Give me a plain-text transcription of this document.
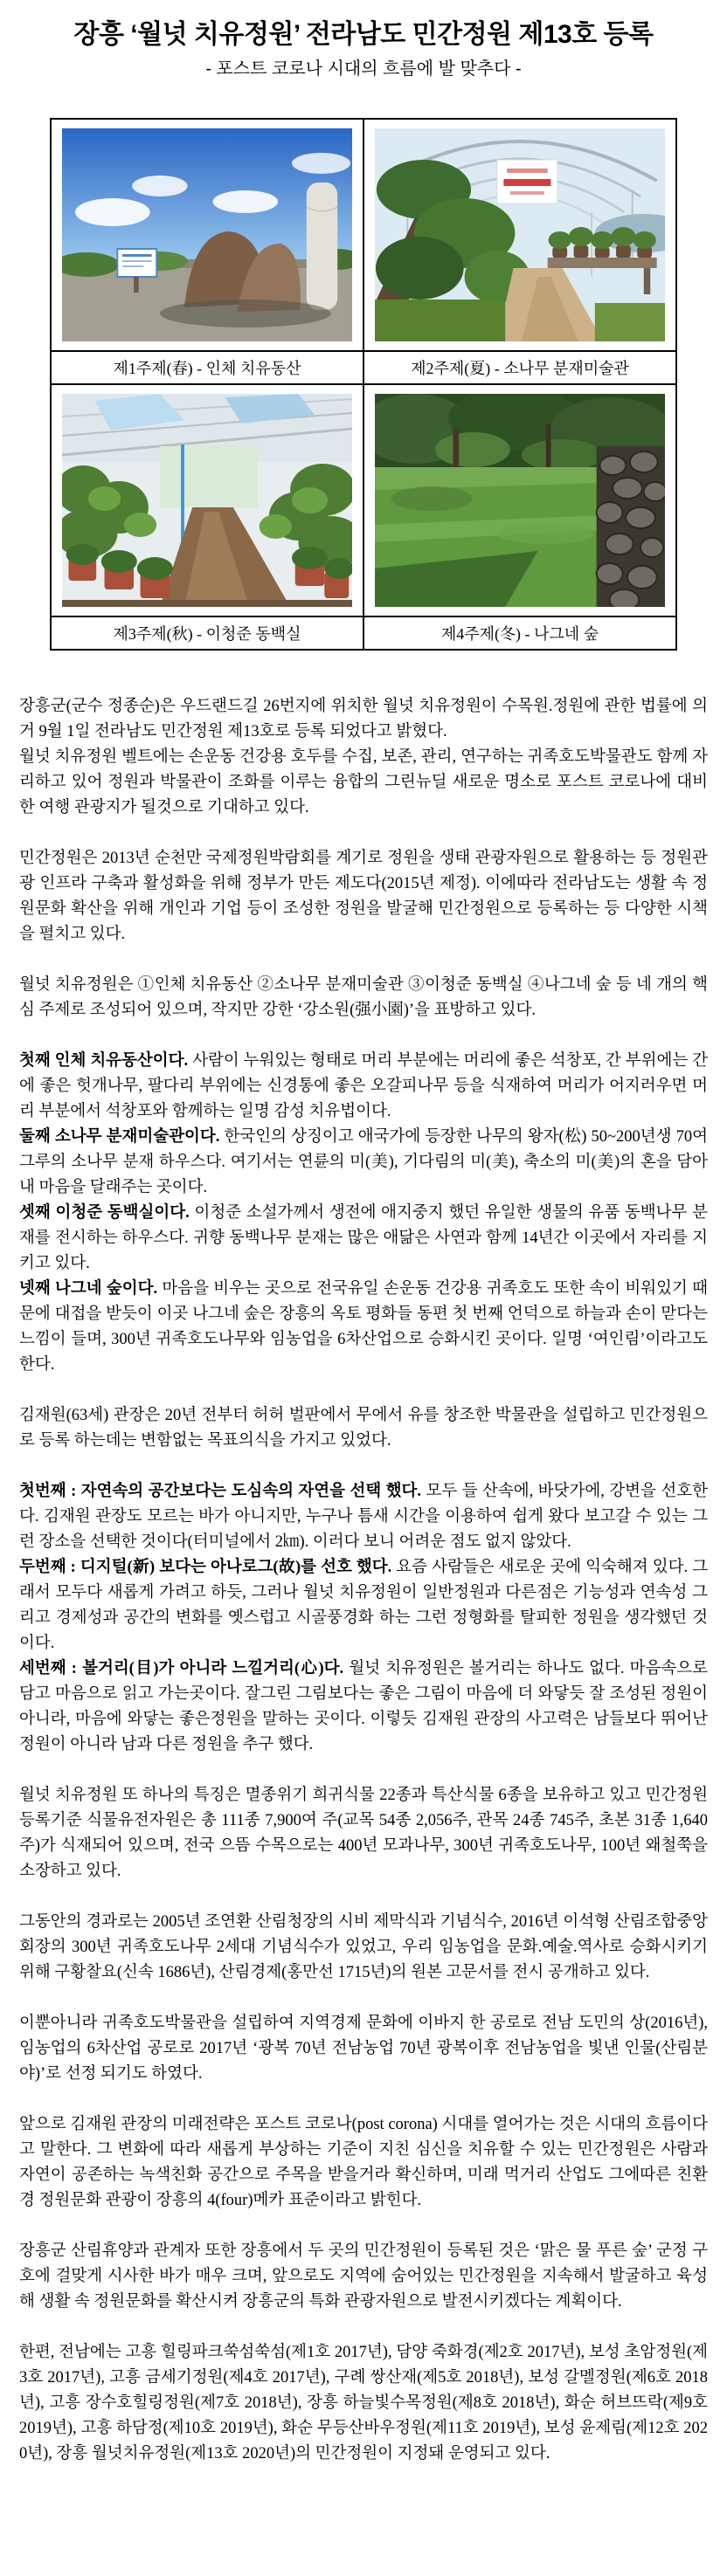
장흥 ‘월넛 치유정원’ 전라남도 민간정원 제13호 등록
- 포스트 코로나 시대의 흐름에 발 맞추다 -

제1주제(春) - 인체 치유동산	제2주제(夏) - 소나무 분재미술관

제3주제(秋) - 이청준 동백실	제4주제(冬) - 나그네 숲

장흥군(군수 정종순)은 우드랜드길 26번지에 위치한 월넛 치유정원이 수목원.정원에 관한 법률에 의거 9월 1일 전라남도 민간정원 제13호로 등록 되었다고 밝혔다.

월넛 치유정원 벨트에는 손운동 건강용 호두를 수집, 보존, 관리, 연구하는 귀족호도박물관도 함께 자리하고 있어 정원과 박물관이 조화를 이루는 융합의 그린뉴딜 새로운 명소로 포스트 코로나에 대비한 여행 관광지가 될것으로 기대하고 있다.

민간정원은 2013년 순천만 국제정원박람회를 계기로 정원을 생태 관광자원으로 활용하는 등 정원관광 인프라 구축과 활성화을 위해 정부가 만든 제도다(2015년 제정). 이에따라 전라남도는 생활 속 정원문화 확산을 위해 개인과 기업 등이 조성한 정원을 발굴해 민간정원으로 등록하는 등 다양한 시책을 펼치고 있다.

월넛 치유정원은 ①인체 치유동산 ②소나무 분재미술관 ③이청준 동백실 ④나그네 숲 등 네 개의 핵심 주제로 조성되어 있으며, 작지만 강한 ‘강소원(强小園)’을 표방하고 있다.

첫째 인체 치유동산이다. 사람이 누워있는 형태로 머리 부분에는 머리에 좋은 석창포, 간 부위에는 간에 좋은 헛개나무, 팔다리 부위에는 신경통에 좋은 오갈피나무 등을 식재하여 머리가 어지러우면 머리 부분에서 석창포와 함께하는 일명 감성 치유법이다.

둘째 소나무 분재미술관이다. 한국인의 상징이고 애국가에 등장한 나무의 왕자(松) 50~200년생 70여 그루의 소나무 분재 하우스다. 여기서는 연륜의 미(美), 기다림의 미(美), 축소의 미(美)의 혼을 담아 내 마음을 달래주는 곳이다.

셋째 이청준 동백실이다. 이청준 소설가께서 생전에 애지중지 했던 유일한 생물의 유품 동백나무 분재를 전시하는 하우스다. 귀향 동백나무 분재는 많은 애닮은 사연과 함께 14년간 이곳에서 자리를 지키고 있다.

넷째 나그네 숲이다. 마음을 비우는 곳으로 전국유일 손운동 건강용 귀족호도 또한 속이 비워있기 때문에 대접을 받듯이 이곳 나그네 숲은 장흥의 옥토 평화들 동편 첫 번째 언덕으로 하늘과 손이 맏다는 느낌이 들며, 300년 귀족호도나무와 임농업을 6차산업으로 승화시킨 곳이다. 일명 ‘여인림’이라고도 한다.

김재원(63세) 관장은 20년 전부터 허허 벌판에서 무에서 유를 창조한 박물관을 설립하고 민간정원으로 등록 하는데는 변함없는 목표의식을 가지고 있었다.

첫번째 : 자연속의 공간보다는 도심속의 자연을 선택 했다. 모두 들 산속에, 바닷가에, 강변을 선호한다. 김재원 관장도 모르는 바가 아니지만, 누구나 틈새 시간을 이용하여 쉽게 왔다 보고갈 수 있는 그런 장소을 선택한 것이다(터미널에서 2㎞). 이러다 보니 어려운 점도 없지 않았다.

두번째 : 디지털(新) 보다는 아나로그(故)를 선호 했다. 요즘 사람들은 새로운 곳에 익숙해져 있다. 그래서 모두다 새롭게 가려고 하듯, 그러나 월넛 치유정원이 일반정원과 다른점은 기능성과 연속성 그리고 경제성과 공간의 변화를 옛스럽고 시골풍경화 하는 그런 정형화를 탈피한 정원을 생각했던 것이다.

세번째 : 볼거리(目)가 아니라 느낄거리(心)다. 월넛 치유정원은 볼거리는 하나도 없다. 마음속으로 담고 마음으로 읽고 가는곳이다. 잘그린 그림보다는 좋은 그림이 마음에 더 와닿듯 잘 조성된 정원이 아니라, 마음에 와닿는 좋은정원을 말하는 곳이다. 이렇듯 김재원 관장의 사고력은 남들보다 뛰어난 정원이 아니라 남과 다른 정원을 추구 했다.

월넛 치유정원 또 하나의 특징은 멸종위기 희귀식물 22종과 특산식물 6종을 보유하고 있고 민간정원 등록기준 식물유전자원은 총 111종 7,900여 주(교목 54종 2,056주, 관목 24종 745주, 초본 31종 1,640주)가 식재되어 있으며, 전국 으뜸 수목으로는 400년 모과나무, 300년 귀족호도나무, 100년 왜철쭉을 소장하고 있다.

그동안의 경과로는 2005년 조연환 산림청장의 시비 제막식과 기념식수, 2016년 이석형 산림조합중앙회장의 300년 귀족호도나무 2세대 기념식수가 있었고, 우리 임농업을 문화.예술.역사로 승화시키기 위해 구황찰요(신속 1686년), 산림경제(홍만선 1715년)의 원본 고문서를 전시 공개하고 있다.

이뿐아니라 귀족호도박물관을 설립하여 지역경제 문화에 이바지 한 공로로 전남 도민의 상(2016년), 임농업의 6차산업 공로로 2017년 ‘광복 70년 전남농업 70년 광복이후 전남농업을 빛낸 인물(산림분야)’로 선정 되기도 하였다.

앞으로 김재원 관장의 미래전략은 포스트 코로나(post corona) 시대를 열어가는 것은 시대의 흐름이다고 말한다. 그 변화에 따라 새롭게 부상하는 기준이 지친 심신을 치유할 수 있는 민간정원은 사람과 자연이 공존하는 녹색친화 공간으로 주목을 받을거라 확신하며, 미래 먹거리 산업도 그에따른 친환경 정원문화 관광이 장흥의 4(four)메카 표준이라고 밝힌다.

장흥군 산림휴양과 관계자 또한 장흥에서 두 곳의 민간정원이 등록된 것은 ‘맑은 물 푸른 숲’ 군정 구호에 걸맞게 시사한 바가 매우 크며, 앞으로도 지역에 숨어있는 민간정원을 지속해서 발굴하고 육성해 생활 속 정원문화를 확산시켜 장흥군의 특화 관광자원으로 발전시키겠다는 계획이다.

한편, 전남에는 고흥 힐링파크쑥섬쑥섬(제1호 2017년), 담양 죽화경(제2호 2017년), 보성 초암정원(제3호 2017년), 고흥 금세기정원(제4호 2017년), 구례 쌍산재(제5호 2018년), 보성 갈멜정원(제6호 2018년), 고흥 장수호힐링정원(제7호 2018년), 장흥 하늘빛수목정원(제8호 2018년), 화순 허브뜨락(제9호 2019년), 고흥 하담정(제10호 2019년), 화순 무등산바우정원(제11호 2019년), 보성 윤제림(제12호 2020년), 장흥 월넛치유정원(제13호 2020년)의 민간정원이 지정돼 운영되고 있다.
